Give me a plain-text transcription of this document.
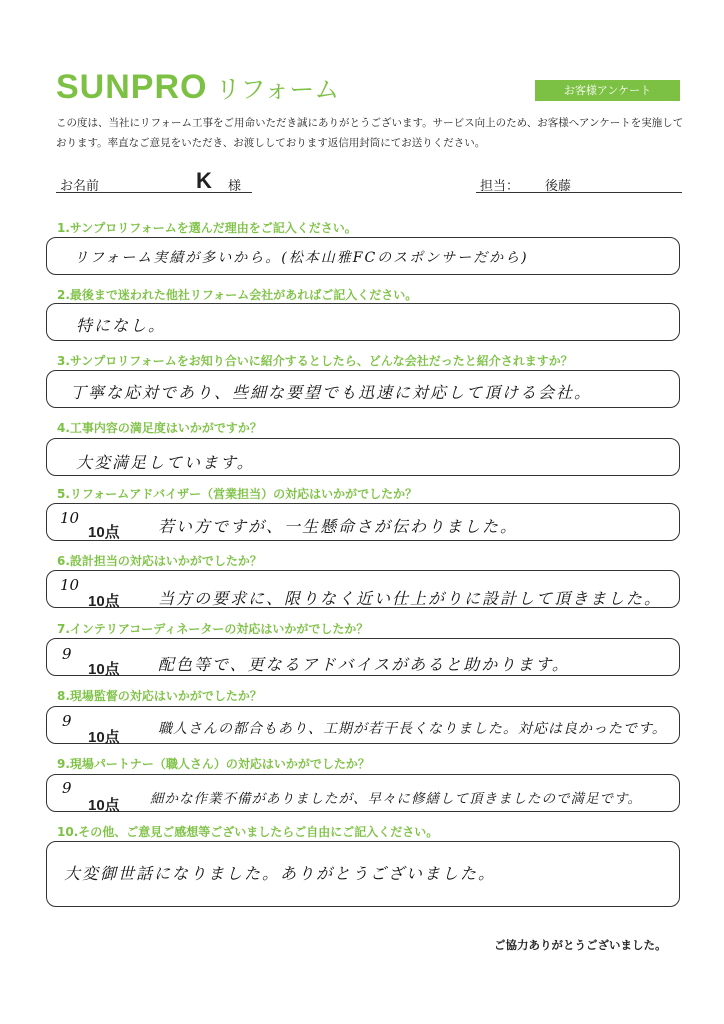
SUNPRO リフォーム	お客様アンケート
この度は、当社にリフォーム工事をご用命いただき誠にありがとうございます。サービス向上のため、お客様へアンケートを実施しております。率直なご意見をいただき、お渡ししております返信用封筒にてお送りください。
お名前	K 様	担当： 後藤
1.サンプロリフォームを選んだ理由をご記入ください。
リフォーム実績が多いから。(松本山雅FCのスポンサーだから)
2.最後まで迷われた他社リフォーム会社があればご記入ください。
特になし。
3.サンプロリフォームをお知り合いに紹介するとしたら、どんな会社だったと紹介されますか？
丁寧な応対であり、些細な要望でも迅速に対応して頂ける会社。
4.工事内容の満足度はいかがですか？
大変満足しています。
5.リフォームアドバイザー（営業担当）の対応はいかがでしたか？
10
10点 若い方ですが、一生懸命さが伝わりました。
6.設計担当の対応はいかがでしたか？
10
10点 当方の要求に、限りなく近い仕上がりに設計して頂きました。
7.インテリアコーディネーターの対応はいかがでしたか？
9
10点 配色等で、更なるアドバイスがあると助かります。
8.現場監督の対応はいかがでしたか？
9
10点	職人さんの都合もあり、工期が若干長くなりました。対応は良かったです。
9.現場パートナー（職人さん）の対応はいかがでしたか？
9
10点 細かな作業不備がありましたが、早々に修繕して頂きましたので満足です。
10.その他、ご意見ご感想等ございましたらご自由にご記入ください。
大変御世話になりました。ありがとうございました。
ご協力ありがとうございました。
